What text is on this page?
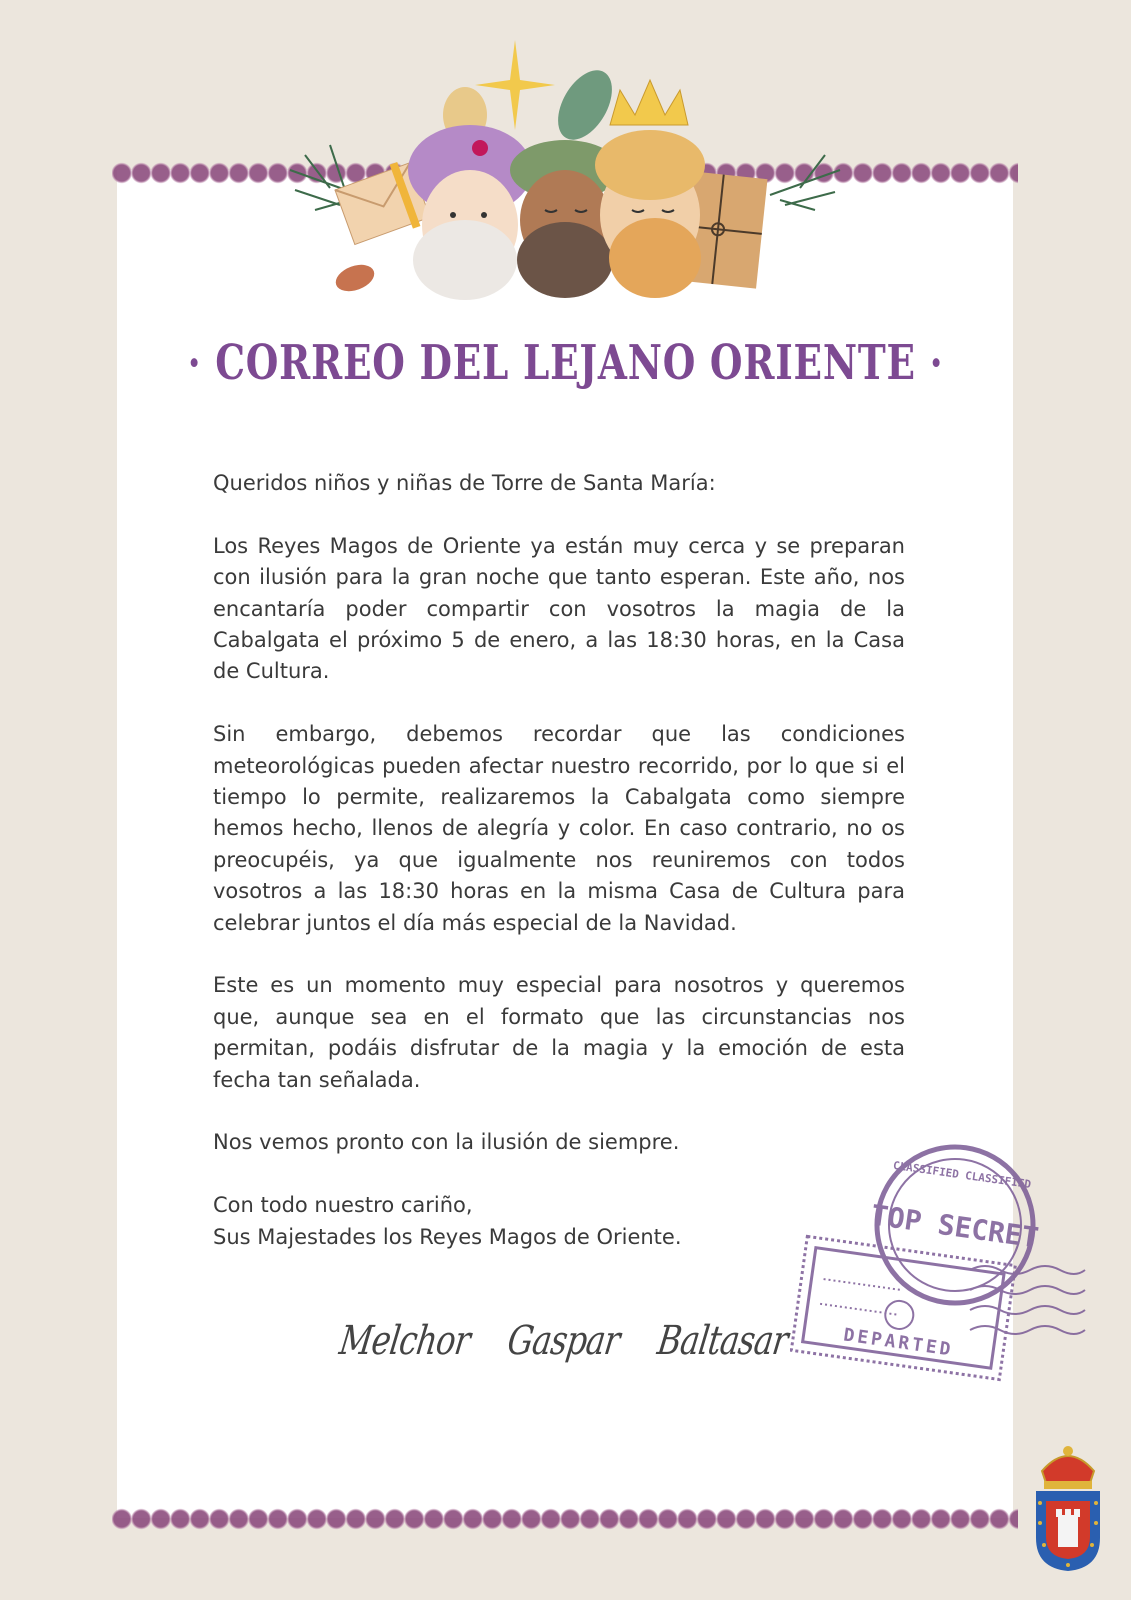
· CORREO DEL LEJANO ORIENTE ·

Queridos niños y niñas de Torre de Santa María:

Los Reyes Magos de Oriente ya están muy cerca y se preparan con ilusión para la gran noche que tanto esperan. Este año, nos encantaría poder compartir con vosotros la magia de la Cabalgata el próximo 5 de enero, a las 18:30 horas, en la Casa de Cultura.

Sin embargo, debemos recordar que las condiciones meteorológicas pueden afectar nuestro recorrido, por lo que si el tiempo lo permite, realizaremos la Cabalgata como siempre hemos hecho, llenos de alegría y color. En caso contrario, no os preocupéis, ya que igualmente nos reuniremos con todos vosotros a las 18:30 horas en la misma Casa de Cultura para celebrar juntos el día más especial de la Navidad.

Este es un momento muy especial para nosotros y queremos que, aunque sea en el formato que las circunstancias nos permitan, podáis disfrutar de la magia y la emoción de esta fecha tan señalada.

Nos vemos pronto con la ilusión de siempre.

Con todo nuestro cariño,
Sus Majestades los Reyes Magos de Oriente.
Melchor Gaspar Baltasar
CLASSIFIED CLASSIFIED
TOP SECRET
DEPARTED
